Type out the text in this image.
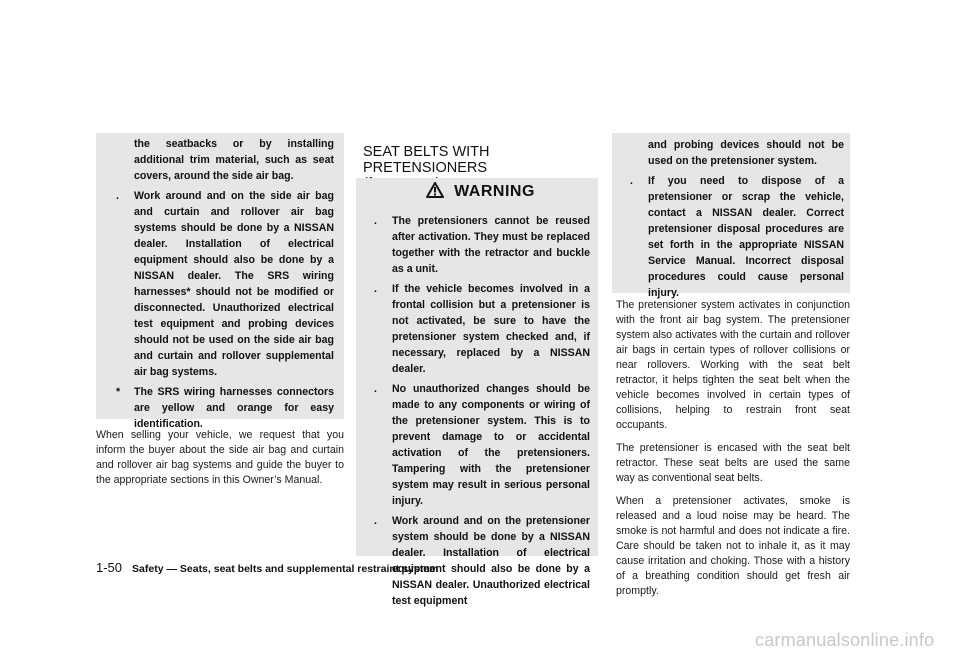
the seatbacks or by installing additional trim material, such as seat covers, around the side air bag.
. Work around and on the side air bag and curtain and rollover air bag systems should be done by a NISSAN dealer. Installation of electrical equipment should also be done by a NISSAN dealer. The SRS wiring harnesses* should not be modified or disconnected. Unauthorized electrical test equipment and probing devices should not be used on the side air bag and curtain and rollover supplemental air bag systems.
* The SRS wiring harnesses connectors are yellow and orange for easy identification.
When selling your vehicle, we request that you inform the buyer about the side air bag and curtain and rollover air bag systems and guide the buyer to the appropriate sections in this Owner’s Manual.
SEAT BELTS WITH PRETENSIONERS
WARNING
. The pretensioners cannot be reused after activation. They must be replaced together with the retractor and buckle as a unit.
. If the vehicle becomes involved in a frontal collision but a pretensioner is not activated, be sure to have the pretensioner system checked and, if necessary, replaced by a NISSAN dealer.
. No unauthorized changes should be made to any components or wiring of the pretensioner system. This is to prevent damage to or accidental activation of the pretensioners. Tampering with the pretensioner system may result in serious personal injury.
. Work around and on the pretensioner system should be done by a NISSAN dealer. Installation of electrical equipment should also be done by a NISSAN dealer. Unauthorized electrical test equipment
and probing devices should not be used on the pretensioner system.
. If you need to dispose of a pretensioner or scrap the vehicle, contact a NISSAN dealer. Correct pretensioner disposal procedures are set forth in the appropriate NISSAN Service Manual. Incorrect disposal procedures could cause personal injury.

The pretensioner system activates in conjunction with the front air bag system. The pretensioner system also activates with the curtain and rollover air bags in certain types of rollover collisions or near rollovers. Working with the seat belt retractor, it helps tighten the seat belt when the vehicle becomes involved in certain types of collisions, helping to restrain front seat occupants.

The pretensioner is encased with the seat belt retractor. These seat belts are used the same way as conventional seat belts.

When a pretensioner activates, smoke is released and a loud noise may be heard. The smoke is not harmful and does not indicate a fire. Care should be taken not to inhale it, as it may cause irritation and choking. Those with a history of a breathing condition should get fresh air promptly.

1-50 Safety — Seats, seat belts and supplemental restraint system
carmanualsonline.info
